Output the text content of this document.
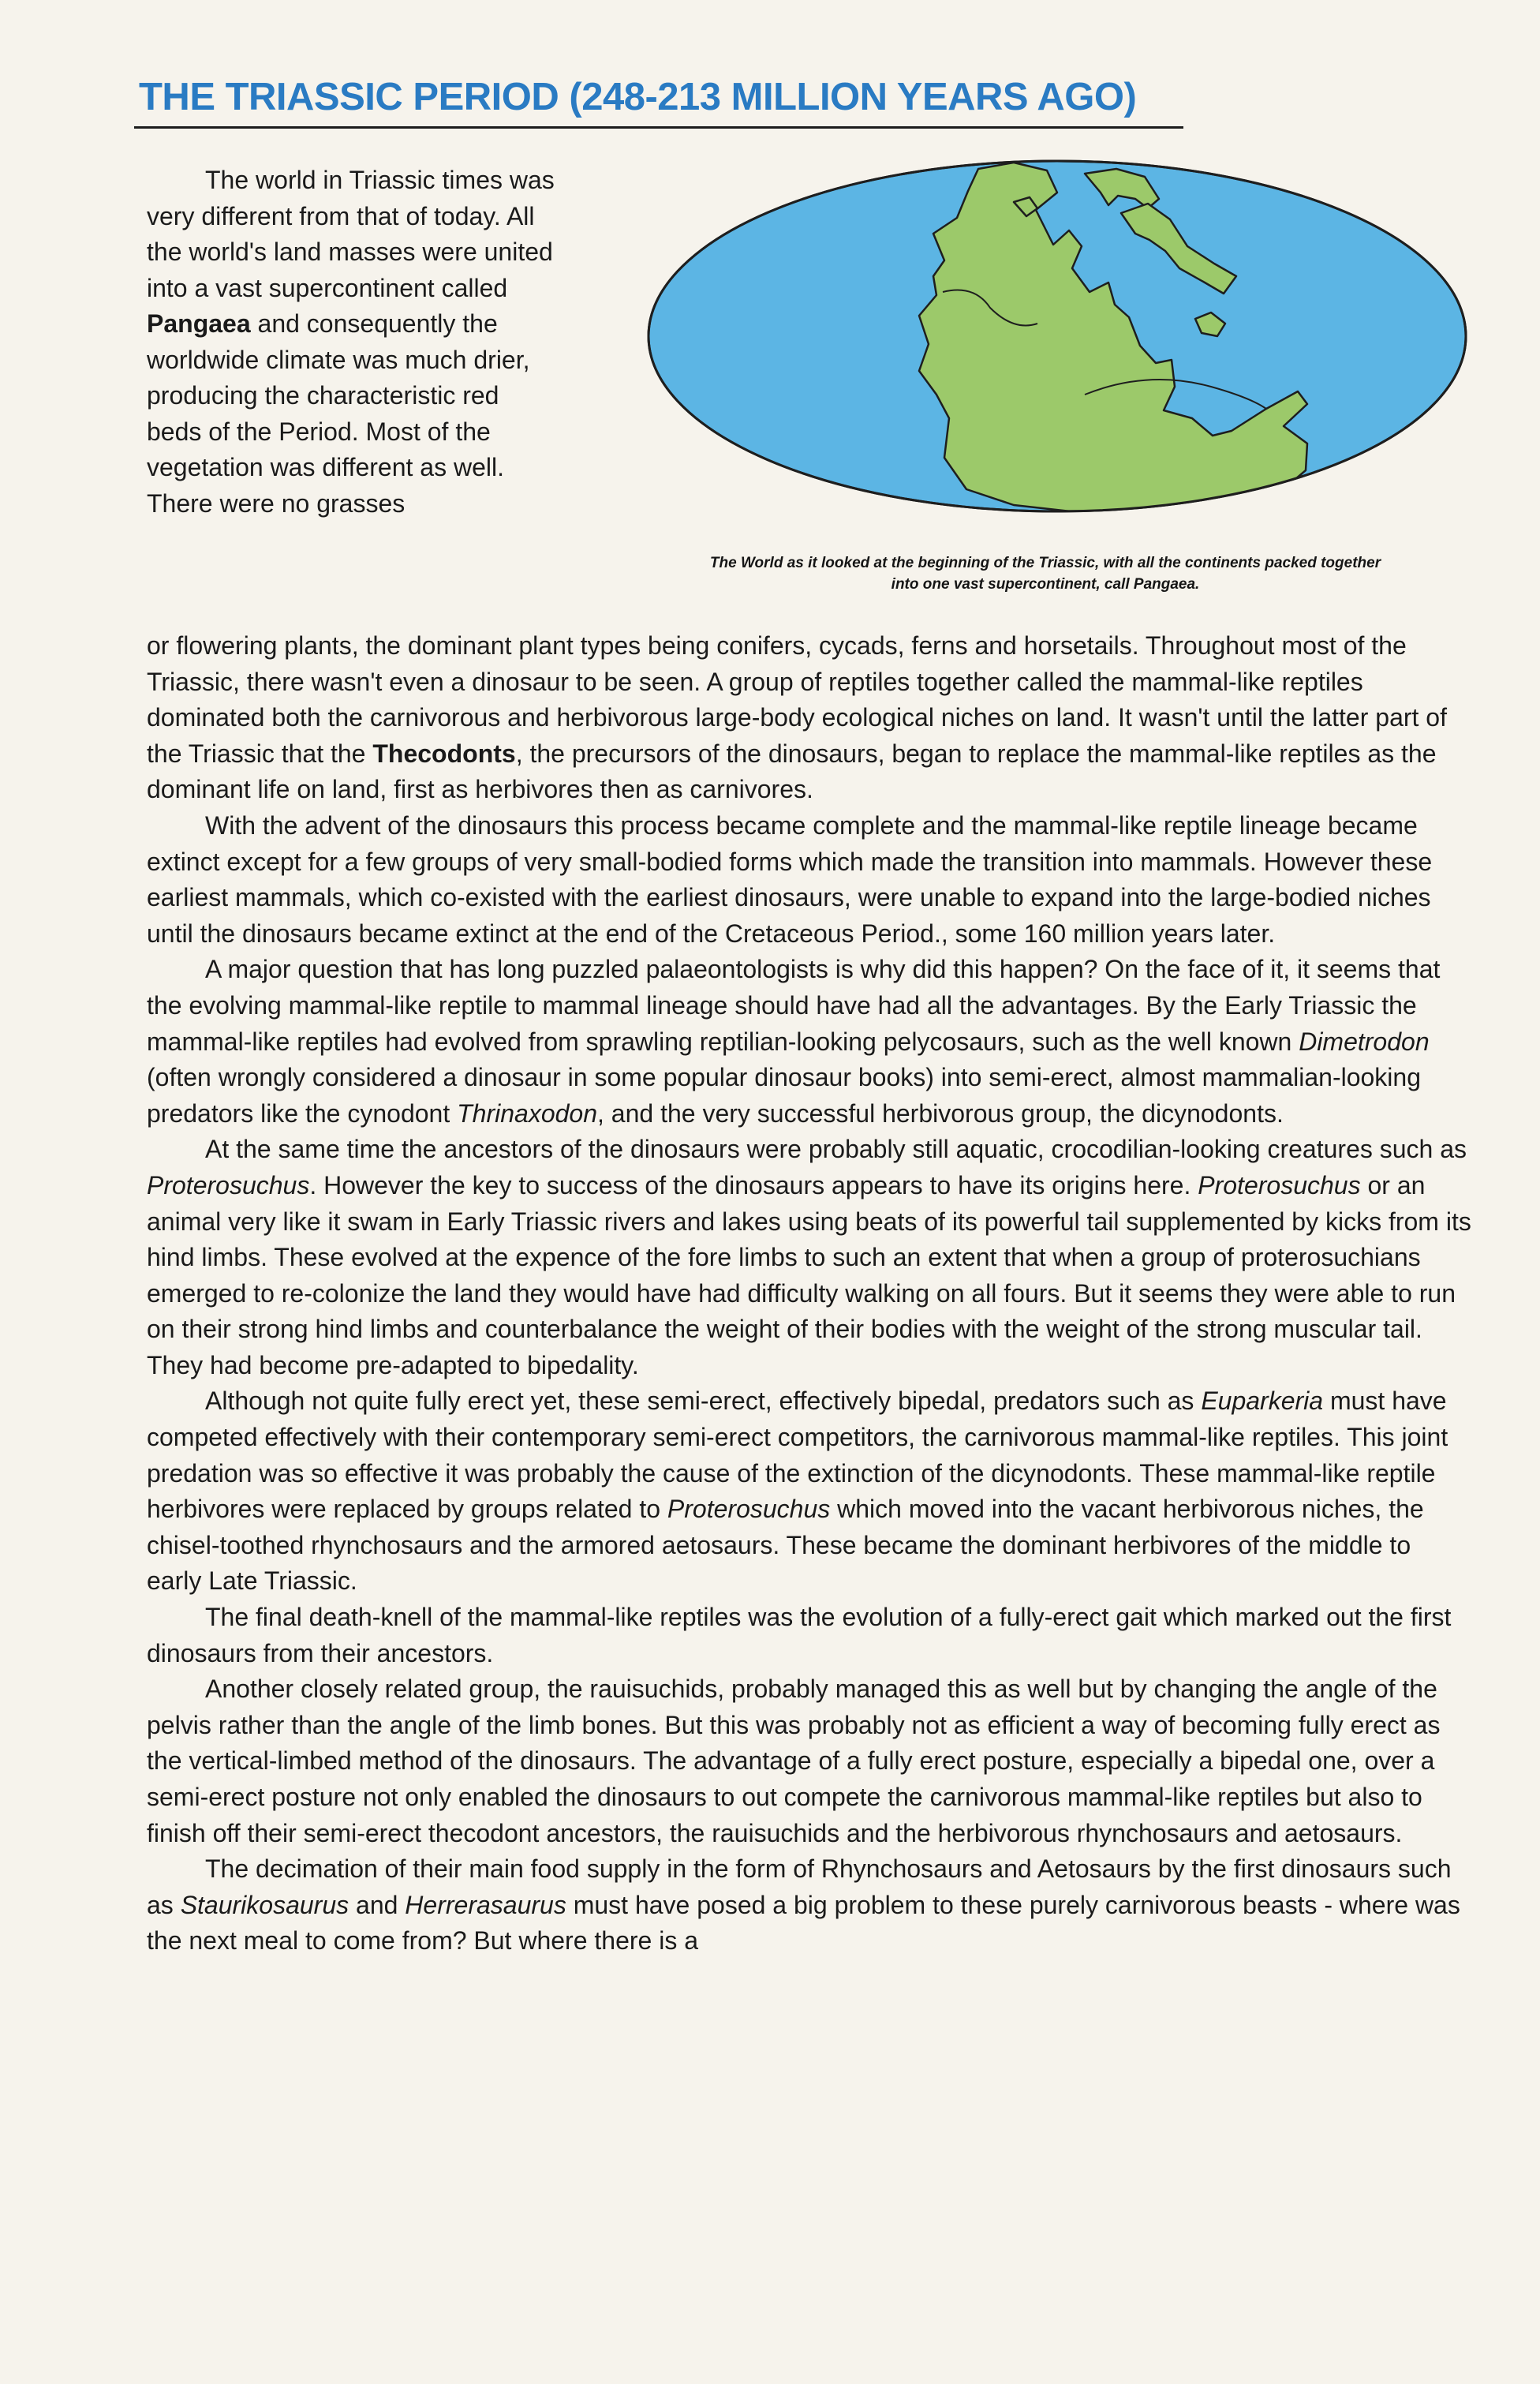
THE TRIASSIC PERIOD (248-213 MILLION YEARS AGO)

The World as it looked at the beginning of the Triassic, with all the continents packed together
into one vast supercontinent, call Pangaea.

The world in Triassic times was very different from that of today. All the world's land masses were united into a vast supercontinent called Pangaea and consequently the worldwide climate was much drier, producing the characteristic red beds of the Period. Most of the vegetation was different as well. There were no grasses

or flowering plants, the dominant plant types being conifers, cycads, ferns and horsetails. Throughout most of the Triassic, there wasn't even a dinosaur to be seen. A group of reptiles together called the mammal-like reptiles dominated both the carnivorous and herbivorous large-body ecological niches on land. It wasn't until the latter part of the Triassic that the Thecodonts, the precursors of the dinosaurs, began to replace the mammal-like reptiles as the dominant life on land, first as herbivores then as carnivores.

With the advent of the dinosaurs this process became complete and the mammal-like reptile lineage became extinct except for a few groups of very small-bodied forms which made the transition into mammals. However these earliest mammals, which co-existed with the earliest dinosaurs, were unable to expand into the large-bodied niches until the dinosaurs became extinct at the end of the Cretaceous Period., some 160 million years later.

A major question that has long puzzled palaeontologists is why did this happen? On the face of it, it seems that the evolving mammal-like reptile to mammal lineage should have had all the advantages. By the Early Triassic the mammal-like reptiles had evolved from sprawling reptilian-looking pelycosaurs, such as the well known Dimetrodon (often wrongly considered a dinosaur in some popular dinosaur books) into semi-erect, almost mammalian-looking predators like the cynodont Thrinaxodon, and the very successful herbivorous group, the dicynodonts.

At the same time the ancestors of the dinosaurs were probably still aquatic, crocodilian-looking creatures such as Proterosuchus. However the key to success of the dinosaurs appears to have its origins here. Proterosuchus or an animal very like it swam in Early Triassic rivers and lakes using beats of its powerful tail supplemented by kicks from its hind limbs. These evolved at the expence of the fore limbs to such an extent that when a group of proterosuchians emerged to re-colonize the land they would have had difficulty walking on all fours. But it seems they were able to run on their strong hind limbs and counterbalance the weight of their bodies with the weight of the strong muscular tail. They had become pre-adapted to bipedality.

Although not quite fully erect yet, these semi-erect, effectively bipedal, predators such as Euparkeria must have competed effectively with their contemporary semi-erect competitors, the carnivorous mammal-like reptiles. This joint predation was so effective it was probably the cause of the extinction of the dicynodonts. These mammal-like reptile herbivores were replaced by groups related to Proterosuchus which moved into the vacant herbivorous niches, the chisel-toothed rhynchosaurs and the armored aetosaurs. These became the dominant herbivores of the middle to early Late Triassic.

The final death-knell of the mammal-like reptiles was the evolution of a fully-erect gait which marked out the first dinosaurs from their ancestors.

Another closely related group, the rauisuchids, probably managed this as well but by changing the angle of the pelvis rather than the angle of the limb bones. But this was probably not as efficient a way of becoming fully erect as the vertical-limbed method of the dinosaurs. The advantage of a fully erect posture, especially a bipedal one, over a semi-erect posture not only enabled the dinosaurs to out compete the carnivorous mammal-like reptiles but also to finish off their semi-erect thecodont ancestors, the rauisuchids and the herbivorous rhynchosaurs and aetosaurs.

The decimation of their main food supply in the form of Rhynchosaurs and Aetosaurs by the first dinosaurs such as Staurikosaurus and Herrerasaurus must have posed a big problem to these purely carnivorous beasts - where was the next meal to come from? But where there is a
